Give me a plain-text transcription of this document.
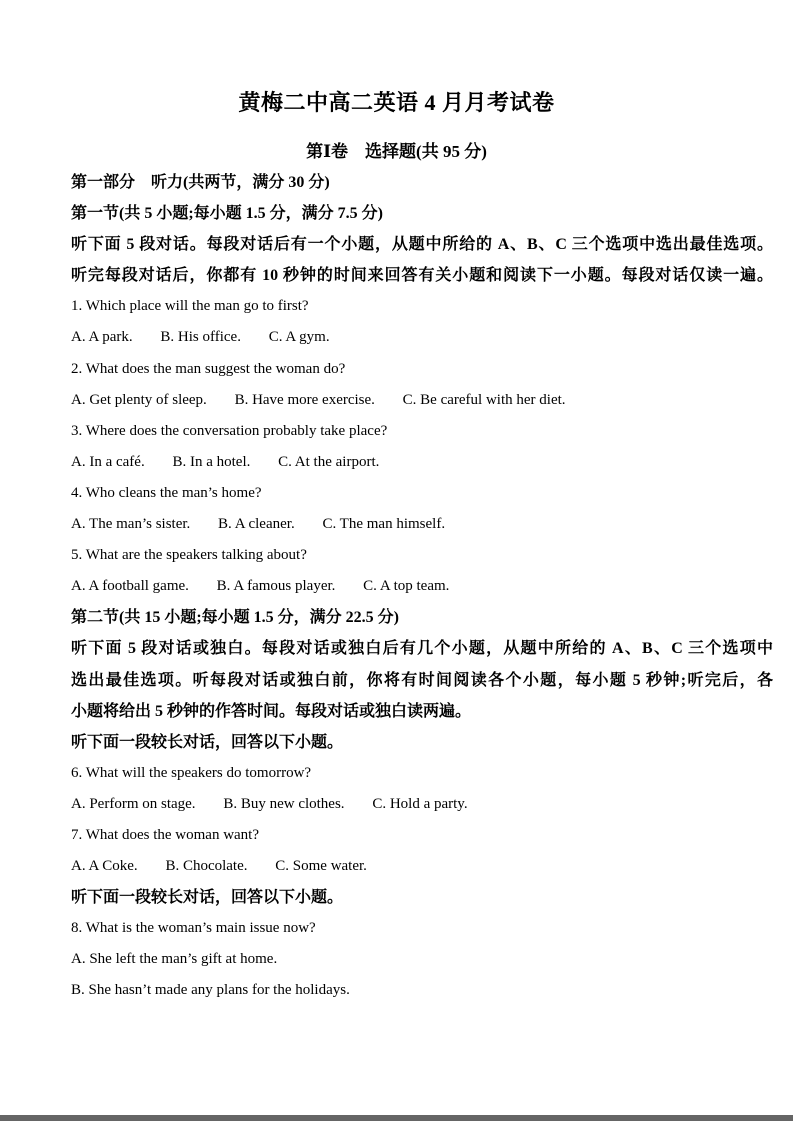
黄梅二中高二英语 4 月月考试卷

第Ⅰ卷　选择题(共 95 分)

第一部分　听力(共两节，满分 30 分)

第一节(共 5 小题;每小题 1.5 分，满分 7.5 分)

听下面 5 段对话。每段对话后有一个小题，从题中所给的 A、B、C 三个选项中选出最佳选项。

听完每段对话后，你都有 10 秒钟的时间来回答有关小题和阅读下一小题。每段对话仅读一遍。

1. Which place will the man go to first?

A. A park. B. His office. C. A gym.

2. What does the man suggest the woman do?

A. Get plenty of sleep. B. Have more exercise. C. Be careful with her diet.

3. Where does the conversation probably take place?

A. In a café. B. In a hotel. C. At the airport.

4. Who cleans the man’s home?

A. The man’s sister. B. A cleaner. C. The man himself.

5. What are the speakers talking about?

A. A football game. B. A famous player. C. A top team.

第二节(共 15 小题;每小题 1.5 分，满分 22.5 分)

听下面 5 段对话或独白。每段对话或独白后有几个小题，从题中所给的 A、B、C 三个选项中

选出最佳选项。听每段对话或独白前，你将有时间阅读各个小题，每小题 5 秒钟;听完后，各

小题将给出 5 秒钟的作答时间。每段对话或独白读两遍。

听下面一段较长对话，回答以下小题。

6. What will the speakers do tomorrow?

A. Perform on stage. B. Buy new clothes. C. Hold a party.

7. What does the woman want?

A. A Coke. B. Chocolate. C. Some water.

听下面一段较长对话，回答以下小题。

8. What is the woman’s main issue now?

A. She left the man’s gift at home.

B. She hasn’t made any plans for the holidays.
